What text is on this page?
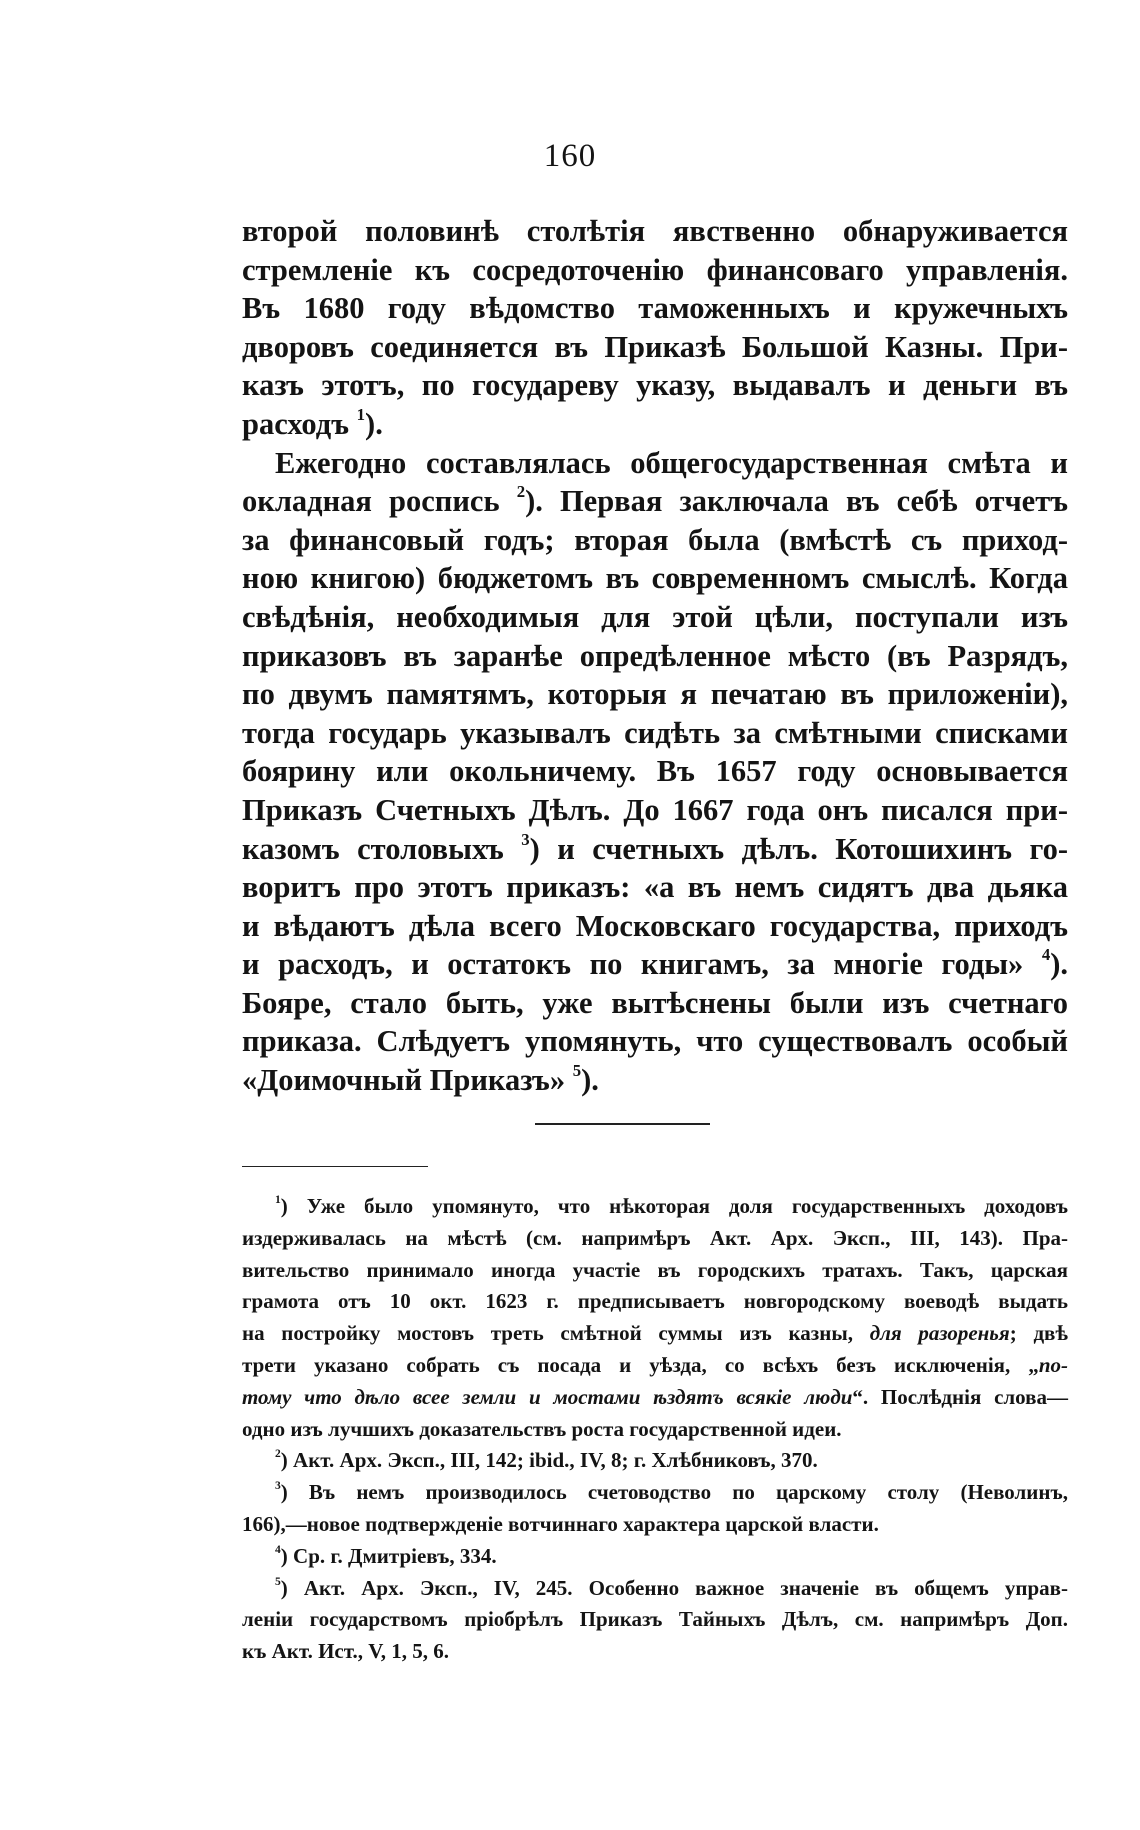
160

второй половинѣ столѣтія явственно обнаруживается

стремленіе къ сосредоточенію финансоваго управленія.

Въ 1680 году вѣдомство таможенныхъ и кружечныхъ

дворовъ соединяется въ Приказѣ Большой Казны. При-

казъ этотъ, по государеву указу, выдавалъ и деньги въ

расходъ $^1$).

Ежегодно составлялась общегосударственная смѣта и

окладная роспись $^2$). Первая заключала въ себѣ отчетъ

за финансовый годъ; вторая была (вмѣстѣ съ приход-

ною книгою) бюджетомъ въ современномъ смыслѣ. Когда

свѣдѣнія, необходимыя для этой цѣли, поступали изъ

приказовъ въ заранѣе опредѣленное мѣсто (въ Разрядъ,

по двумъ памятямъ, которыя я печатаю въ приложеніи),

тогда государь указывалъ сидѣть за смѣтными списками

боярину или окольничему. Въ 1657 году основывается

Приказъ Счетныхъ Дѣлъ. До 1667 года онъ писался при-

казомъ столовыхъ $^3$) и счетныхъ дѣлъ. Котошихинъ го-

воритъ про этотъ приказъ: «а въ немъ сидятъ два дьяка

и вѣдаютъ дѣла всего Московскаго государства, приходъ

и расходъ, и остатокъ по книгамъ, за многіе годы» $^4$).

Бояре, стало быть, уже вытѣснены были изъ счетнаго

приказа. Слѣдуетъ упомянуть, что существовалъ особый

«Доимочный Приказъ» $^5$).

$^1$) Уже было упомянуто, что нѣкоторая доля государственныхъ доходовъ

издерживалась на мѣстѣ (см. напримѣръ Акт. Арх. Эксп., III, 143). Пра-

вительство принимало иногда участіе въ городскихъ тратахъ. Такъ, царская

грамота отъ 10 окт. 1623 г. предписываетъ новгородскому воеводѣ выдать

на постройку мостовъ треть смѣтной суммы изъ казны, для разоренья; двѣ

трети указано собрать съ посада и уѣзда, со всѣхъ безъ исключенія, „по-

тому что дѣло всее земли и мостами ѣздятъ всякіе люди“. Послѣднія слова—

одно изъ лучшихъ доказательствъ роста государственной идеи.

$^2$) Акт. Арх. Эксп., III, 142; ibid., IV, 8; г. Хлѣбниковъ, 370.

$^3$) Въ немъ производилось счетоводство по царскому столу (Неволинъ,

166),—новое подтвержденіе вотчиннаго характера царской власти.

$^4$) Ср. г. Дмитріевъ, 334.

$^5$) Акт. Арх. Эксп., IV, 245. Особенно важное значеніе въ общемъ управ-

леніи государствомъ пріобрѣлъ Приказъ Тайныхъ Дѣлъ, см. напримѣръ Доп.

къ Акт. Ист., V, 1, 5, 6.
